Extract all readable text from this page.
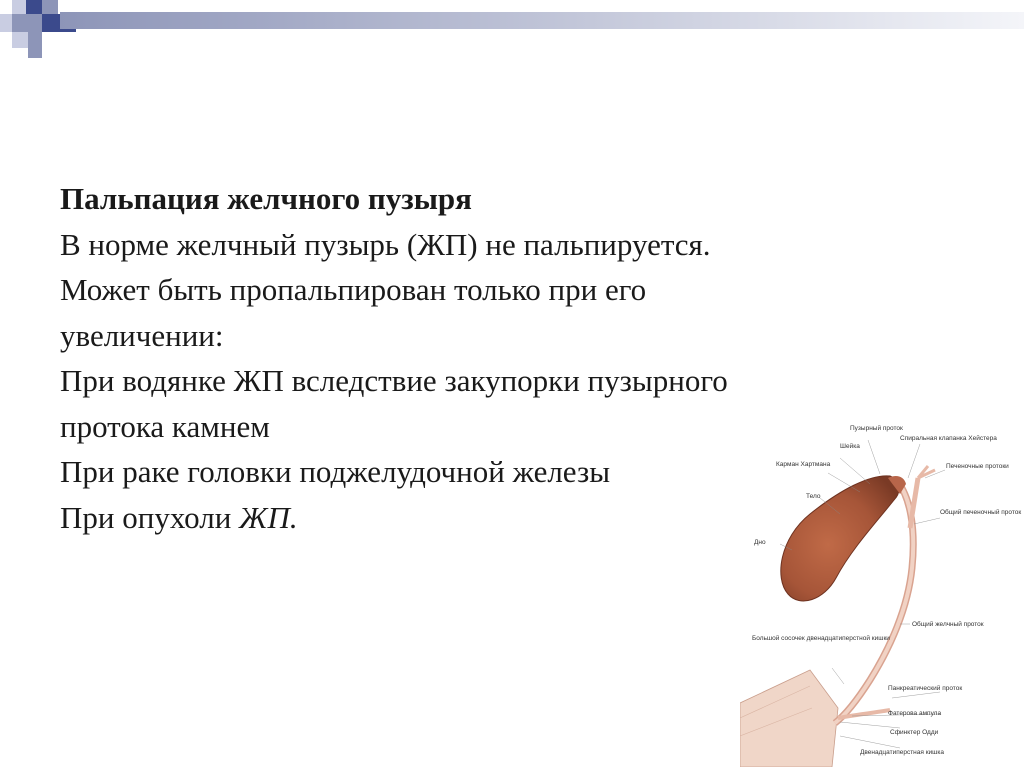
Пальпация желчного пузыря
В норме желчный пузырь (ЖП) не пальпируется.
Может быть пропальпирован только при его
увеличении:
При водянке ЖП вследствие закупорки пузырного
протока камнем
При раке головки поджелудочной железы
При опухоли ЖП.
Пузырный проток
Спиральная клапанка Хейстера
Шейка
Карман Хартмана	Печеночные протоки
Тело
Общий печеночный проток
Дно
Общий желчный проток
Большой сосочек двенадцатиперстной кишки
Панкреатический проток
Фатерова ампула
Сфинктер Одди
Двенадцатиперстная кишка
